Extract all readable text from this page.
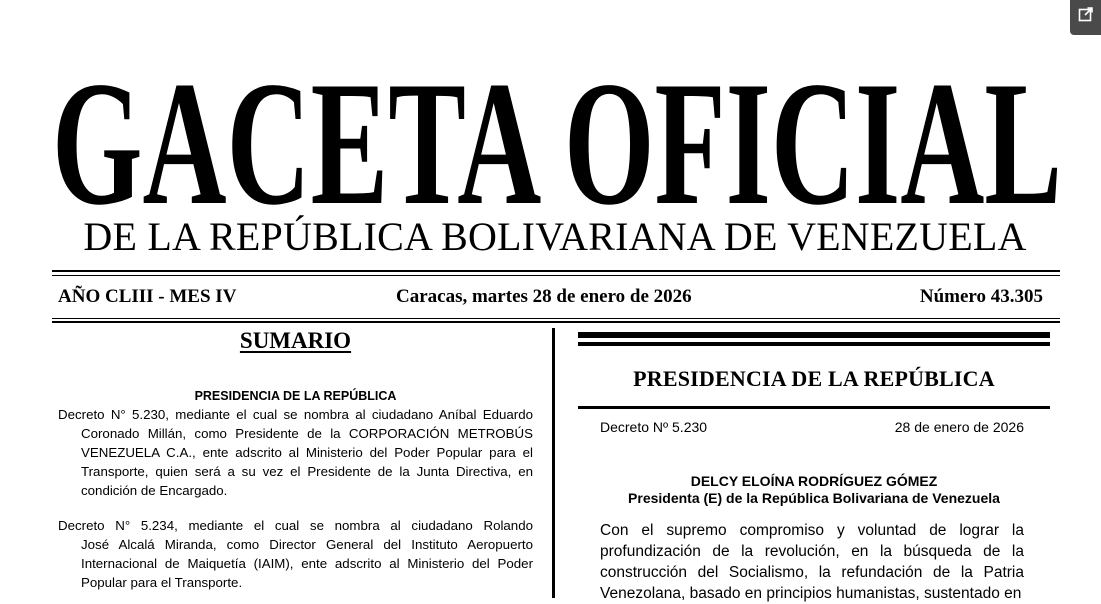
GACETA OFICIAL
DE LA REPÚBLICA BOLIVARIANA DE VENEZUELA
AÑO CLIII - MES IV	Caracas, martes 28 de enero de 2026	Número 43.305
SUMARIO
PRESIDENCIA DE LA REPÚBLICA
Decreto N° 5.230, mediante el cual se nombra al ciudadano Aníbal Eduardo
Coronado Millán, como Presidente de la CORPORACIÓN METROBÚS VENEZUELA C.A., ente adscrito al Ministerio del Poder Popular para el Transporte, quien será a su vez el Presidente de la Junta Directiva, en condición de Encargado.
Decreto N° 5.234, mediante el cual se nombra al ciudadano Rolando
José Alcalá Miranda, como Director General del Instituto Aeropuerto Internacional de Maiquetía (IAIM), ente adscrito al Ministerio del Poder Popular para el Transporte.
PRESIDENCIA DE LA REPÚBLICA
Decreto Nº 5.230	28 de enero de 2026
DELCY ELOÍNA RODRÍGUEZ GÓMEZ
Presidenta (E) de la República Bolivariana de Venezuela
Con el supremo compromiso y voluntad de lograr la profundización de la revolución, en la búsqueda de la construcción del Socialismo, la refundación de la Patria Venezolana, basado en principios humanistas, sustentado en
